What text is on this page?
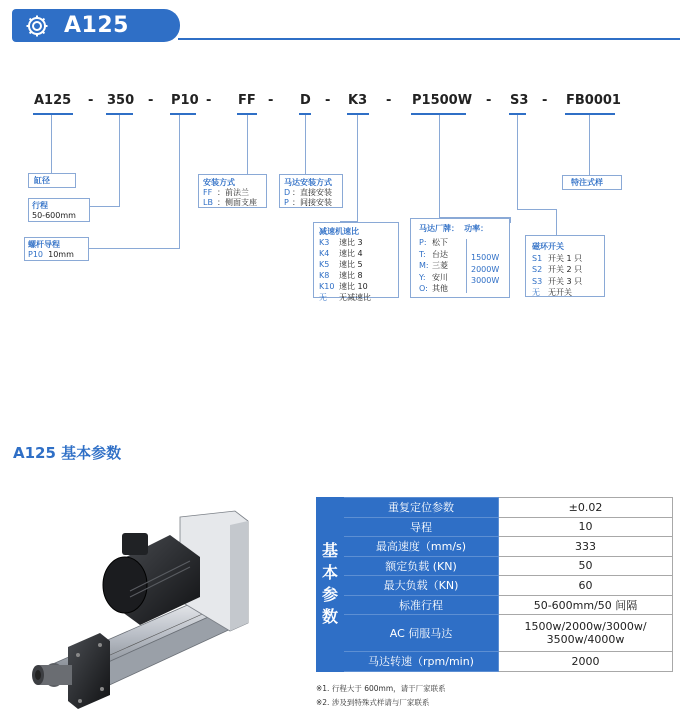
A125
A125 - 350 - P10 - FF - D - K3 - P1500W - S3 - FB0001
缸径
行程
50-600mm
螺杆导程
P10 10mm
安装方式
FF ：前法兰
LB ：侧面支座
马达安装方式
D ：直接安装
P ：间接安装
减速机速比
K3 速比 3
K4 速比 4
K5 速比 5
K8 速比 8
K10 速比 10
无 无减速比
马达厂牌： 功率：
P: 松下
T: 台达
M: 三菱
Y: 安川
O: 其他
1500W
2000W
3000W
磁环开关
S1 开关 1 只
S2 开关 2 只
S3 开关 3 只
无 无开关
特注式样
A125 基本参数
基本参数	重复定位参数	±0.02
	导程	10
	最高速度（mm/s)	333
	额定负载 (KN)	50
	最大负载（KN)	60
	标准行程	50-600mm/50 间隔
	AC 伺服马达	1500w/2000w/3000w/
3500w/4000w

	马达转速（rpm/min)	2000
※1. 行程大于 600mm，请于厂家联系
※2. 涉及到特殊式样请与厂家联系
